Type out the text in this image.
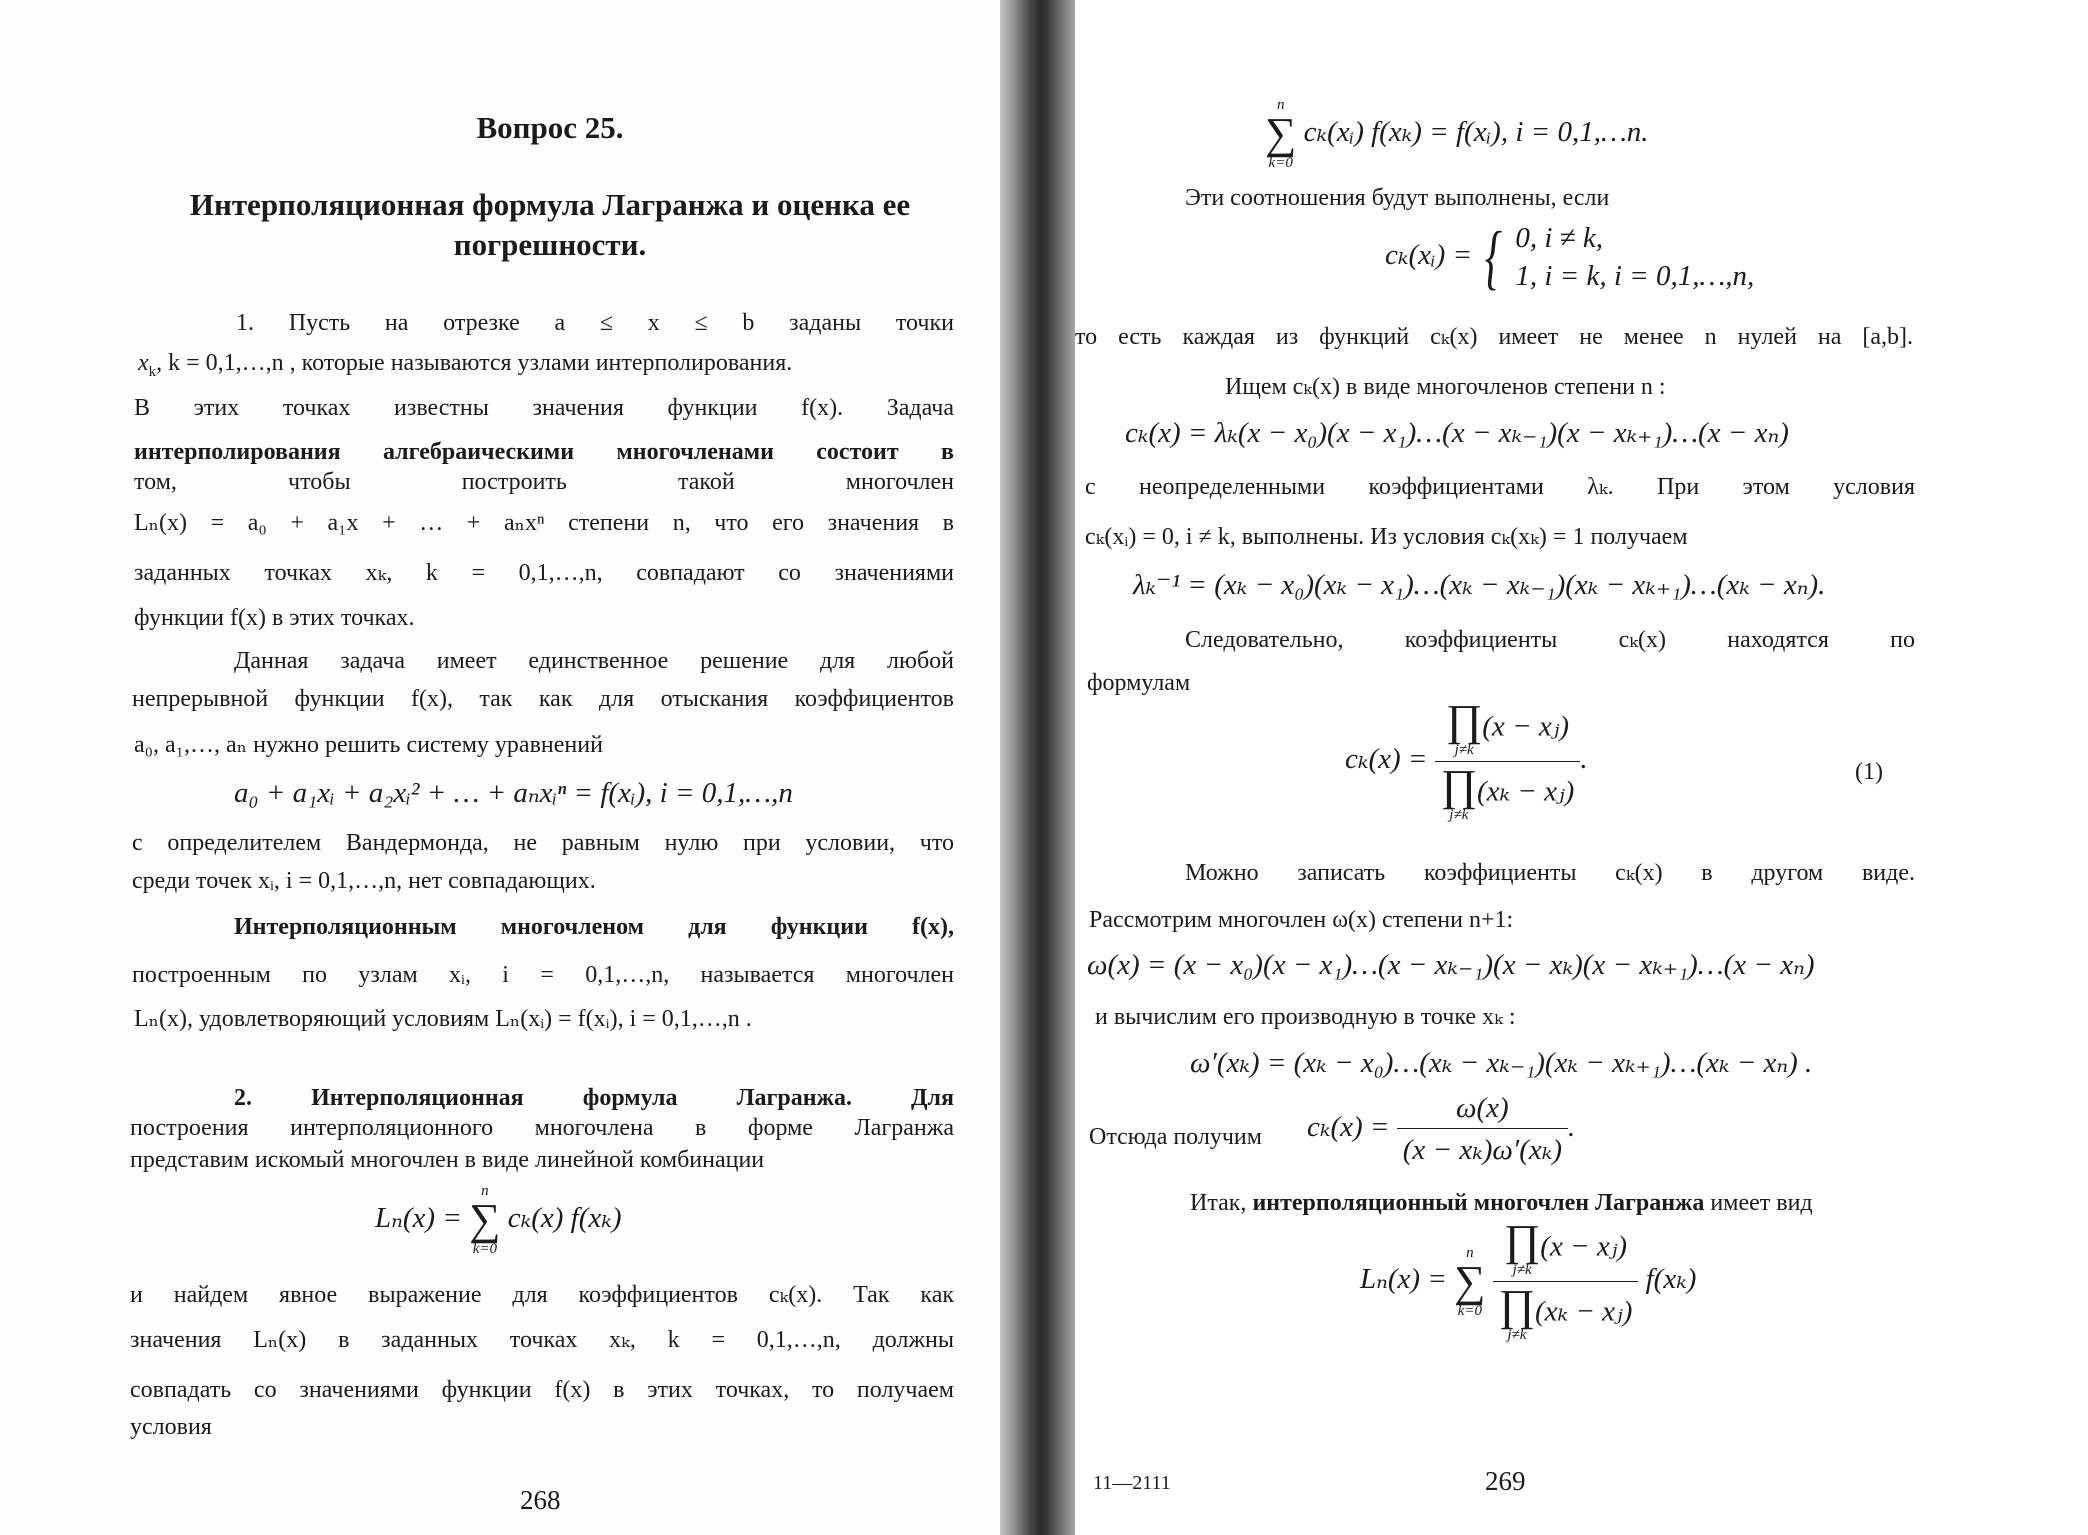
Вопрос 25.
Интерполяционная формула Лагранжа и оценка ее
погрешности.
1. Пусть на отрезке a ≤ x ≤ b заданы точки
$x_k$, k = 0,1,…,n , которые называются узлами интерполирования.
В этих точках известны значения функции f(x). Задача
интерполирования алгебраическими многочленами состоит в
том, чтобы построить такой многочлен
Lₙ(x) = a₀ + a₁x + … + aₙxⁿ степени n, что его значения в
заданных точках xₖ, k = 0,1,…,n, совпадают со значениями
функции f(x) в этих точках.
Данная задача имеет единственное решение для любой
непрерывной функции f(x), так как для отыскания коэффициентов
a₀, a₁,…, aₙ нужно решить систему уравнений
a₀ + a₁xᵢ + a₂xᵢ² + … + aₙxᵢⁿ = f(xᵢ), i = 0,1,…,n
с определителем Вандермонда, не равным нулю при условии, что
среди точек xᵢ, i = 0,1,…,n, нет совпадающих.
Интерполяционным многочленом для функции f(x),
построенным по узлам xᵢ, i = 0,1,…,n, называется многочлен
Lₙ(x), удовлетворяющий условиям Lₙ(xᵢ) = f(xᵢ), i = 0,1,…,n .
2. Интерполяционная формула Лагранжа. Для
построения интерполяционного многочлена в форме Лагранжа
представим искомый многочлен в виде линейной комбинации
Lₙ(x) =
n
∑
k=0
cₖ(x) f(xₖ)
и найдем явное выражение для коэффициентов cₖ(x). Так как
значения Lₙ(x) в заданных точках xₖ, k = 0,1,…,n, должны
совпадать со значениями функции f(x) в этих точках, то получаем
условия
268
n
∑
k=0
cₖ(xᵢ) f(xₖ) = f(xᵢ), i = 0,1,…n.
Эти соотношения будут выполнены, если
cₖ(xᵢ) = { 0, i ≠ k,
1, i = k, i = 0,1,…,n,
то есть каждая из функций cₖ(x) имеет не менее n нулей на [a,b].
Ищем cₖ(x) в виде многочленов степени n :
cₖ(x) = λₖ(x − x₀)(x − x₁)…(x − xₖ₋₁)(x − xₖ₊₁)…(x − xₙ)
с неопределенными коэффициентами λₖ. При этом условия
cₖ(xᵢ) = 0, i ≠ k, выполнены. Из условия cₖ(xₖ) = 1 получаем
λₖ⁻¹ = (xₖ − x₀)(xₖ − x₁)…(xₖ − xₖ₋₁)(xₖ − xₖ₊₁)…(xₖ − xₙ).
Следовательно, коэффициенты cₖ(x) находятся по
формулам
cₖ(x) = ∏
j≠k
(x − xⱼ)
∏
j≠k
(xₖ − xⱼ) .	(1)
Можно записать коэффициенты cₖ(x) в другом виде.
Рассмотрим многочлен ω(x) степени n+1:
ω(x) = (x − x₀)(x − x₁)…(x − xₖ₋₁)(x − xₖ)(x − xₖ₊₁)…(x − xₙ)
и вычислим его производную в точке xₖ :
ω′(xₖ) = (xₖ − x₀)…(xₖ − xₖ₋₁)(xₖ − xₖ₊₁)…(xₖ − xₙ) .
Отсюда получим $c_k(x) = \frac{\omega(x)}{\text{(x − xₖ)ω′(xₖ)}}$ .
Итак, интерполяционный многочлен Лагранжа имеет вид
Lₙ(x) =
n
∑
k=0
∏
j≠k
(x − xⱼ)
∏
j≠k
(xₖ − xⱼ) f(xₖ)
11—2111	269
